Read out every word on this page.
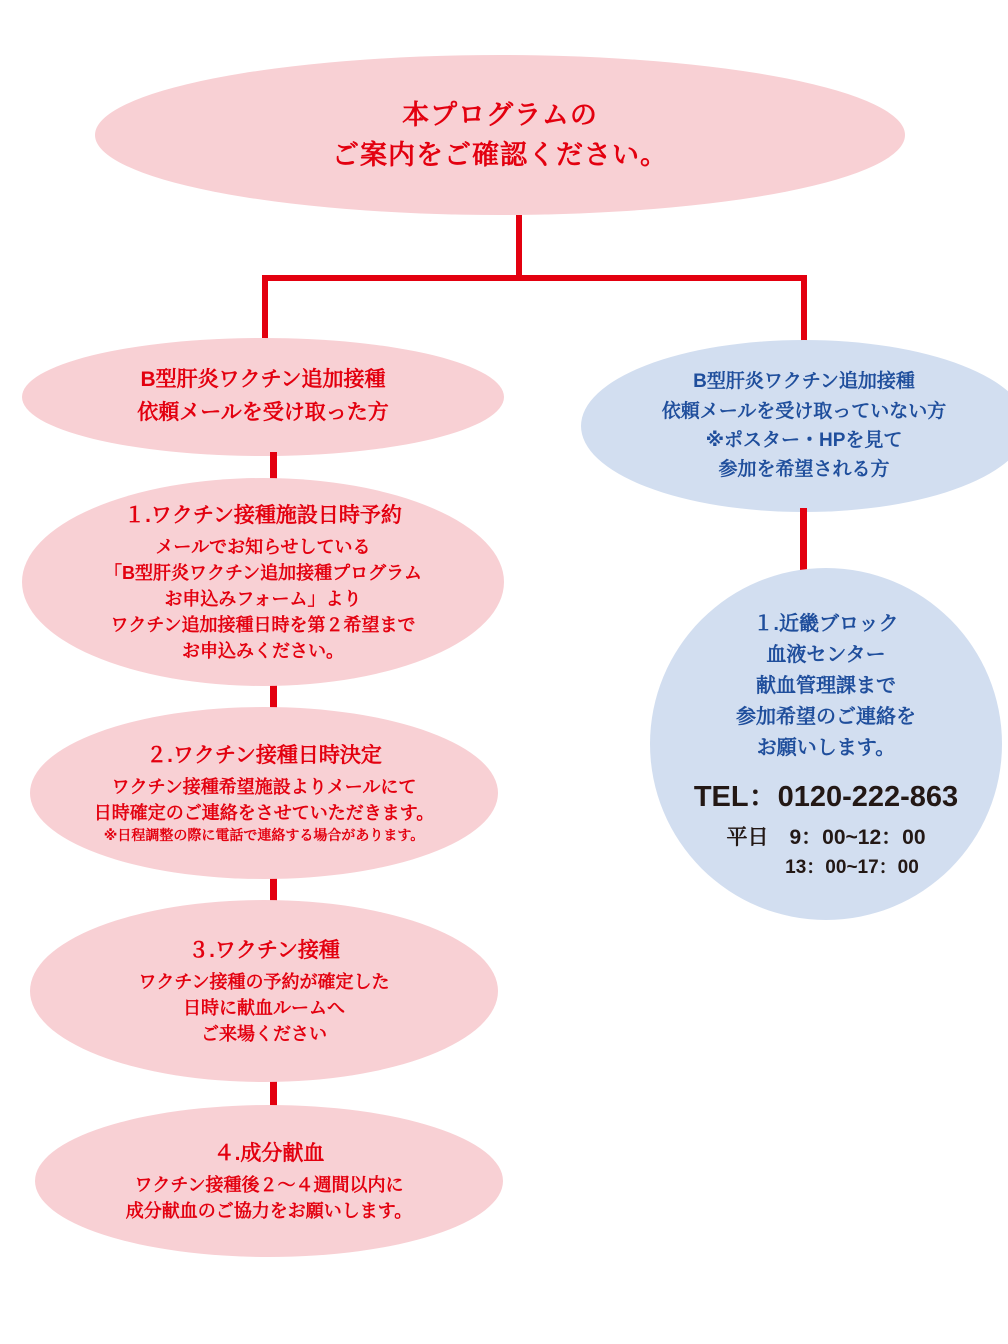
本プログラムの
ご案内をご確認ください。
B型肝炎ワクチン追加接種
依頼メールを受け取った方
B型肝炎ワクチン追加接種
依頼メールを受け取っていない方
※ポスター・HPを見て
参加を希望される方
１.ワクチン接種施設日時予約
メールでお知らせしている
「B型肝炎ワクチン追加接種プログラム
お申込みフォーム」より
ワクチン追加接種日時を第２希望まで
お申込みください。
２.ワクチン接種日時決定
ワクチン接種希望施設よりメールにて
日時確定のご連絡をさせていただきます。
※日程調整の際に電話で連絡する場合があります。
３.ワクチン接種
ワクチン接種の予約が確定した
日時に献血ルームへ
ご来場ください
４.成分献血
ワクチン接種後２～４週間以内に
成分献血のご協力をお願いします。
１.近畿ブロック
血液センター
献血管理課まで
参加希望のご連絡を
お願いします。
TEL：0120-222-863
平日　9：00~12：00
13：00~17：00
